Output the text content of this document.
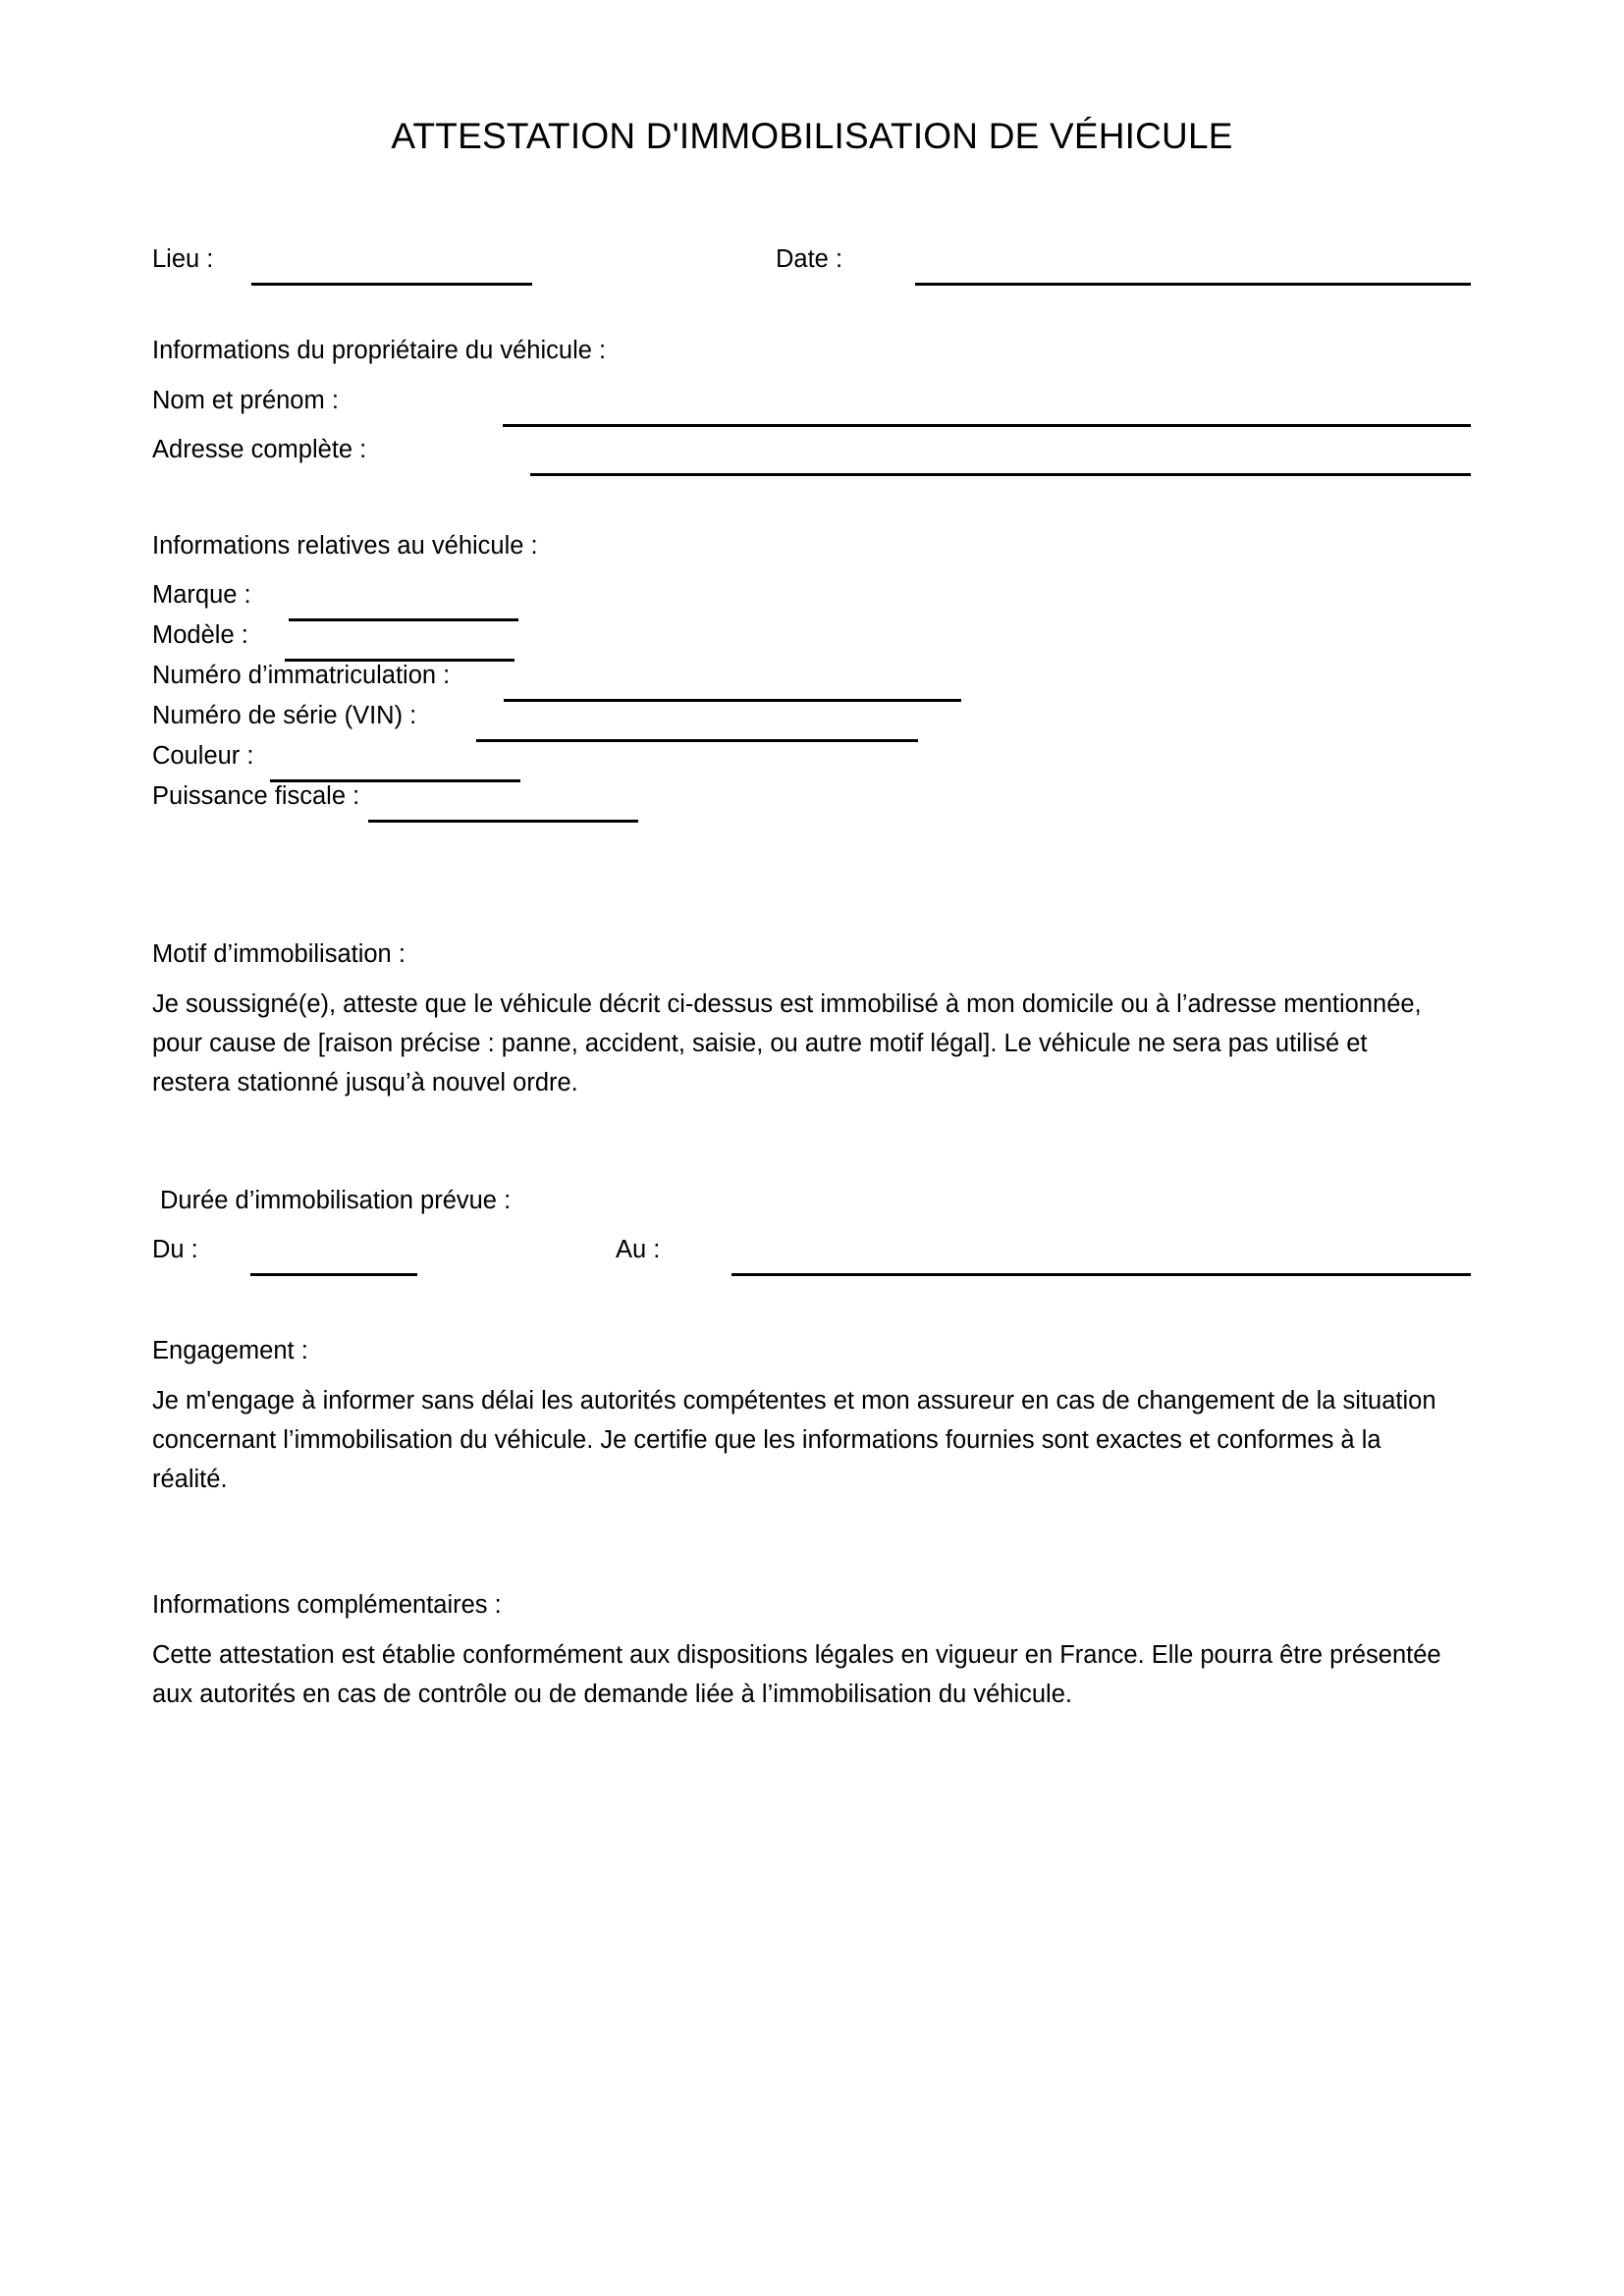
ATTESTATION D'IMMOBILISATION DE VÉHICULE
Lieu :	Date :
Informations du propriétaire du véhicule :
Nom et prénom :
Adresse complète :
Informations relatives au véhicule :
Marque :
Modèle :
Numéro d’immatriculation :
Numéro de série (VIN) :
Couleur :
Puissance fiscale :
Motif d’immobilisation :
Je soussigné(e), atteste que le véhicule décrit ci-dessus est immobilisé à mon domicile ou à l’adresse mentionnée, pour cause de [raison précise : panne, accident, saisie, ou autre motif légal]. Le véhicule ne sera pas utilisé et restera stationné jusqu’à nouvel ordre.
Durée d’immobilisation prévue :
Du :	Au :
Engagement :
Je m'engage à informer sans délai les autorités compétentes et mon assureur en cas de changement de la situation concernant l’immobilisation du véhicule. Je certifie que les informations fournies sont exactes et conformes à la réalité.
Informations complémentaires :
Cette attestation est établie conformément aux dispositions légales en vigueur en France. Elle pourra être présentée aux autorités en cas de contrôle ou de demande liée à l’immobilisation du véhicule.
